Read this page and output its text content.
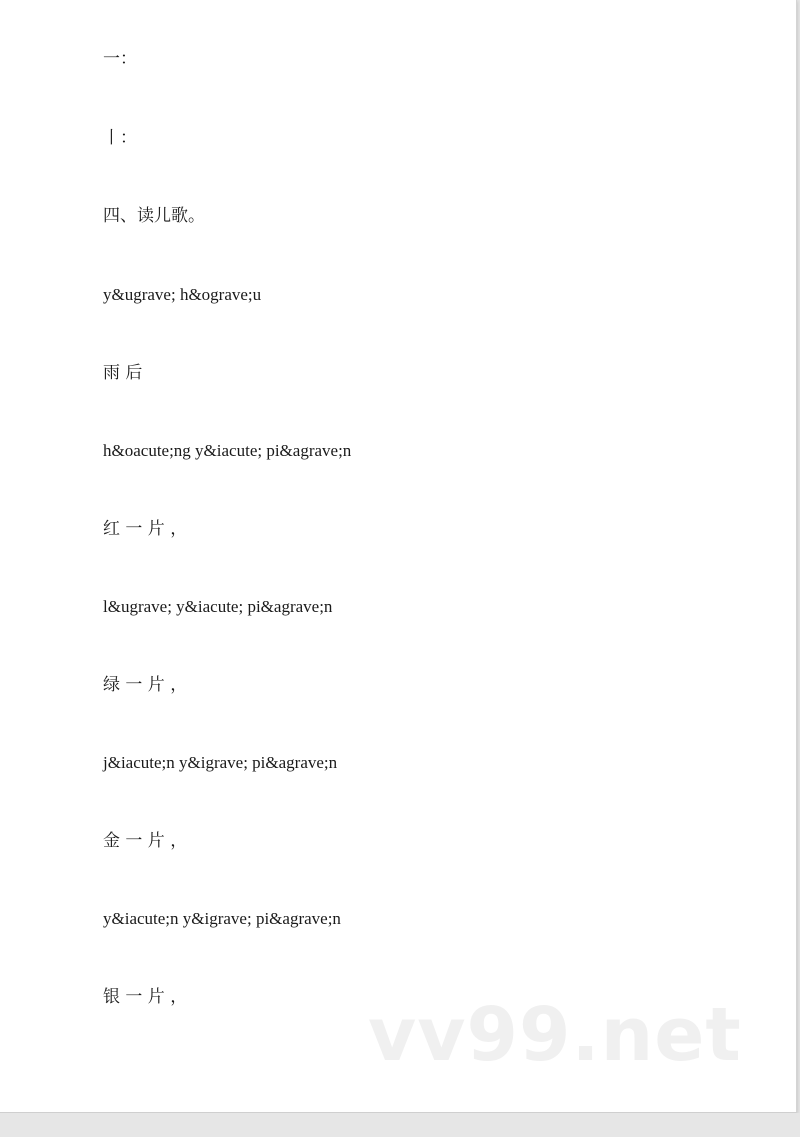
一：
丨：
四、读儿歌。
y&ugrave; h&ograve;u
雨 后
h&oacute;ng y&iacute; pi&agrave;n
红 一 片 ，
l&ugrave; y&iacute; pi&agrave;n
绿 一 片 ，
j&iacute;n y&igrave; pi&agrave;n
金 一 片 ，
y&iacute;n y&igrave; pi&agrave;n
银 一 片 ， vv99.net
